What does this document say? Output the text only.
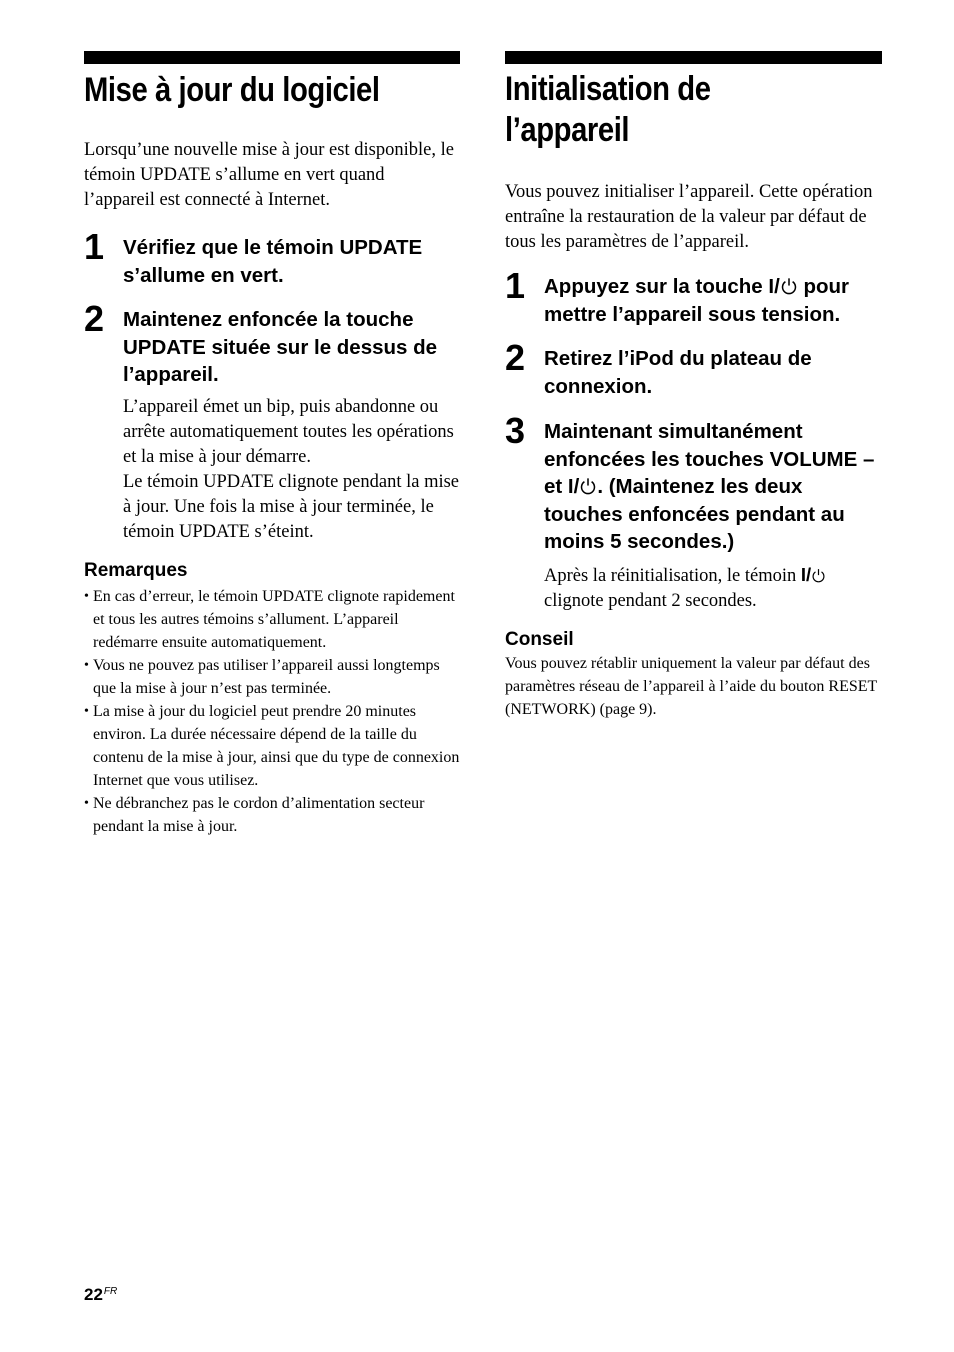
Mise à jour du logiciel

Lorsqu’une nouvelle mise à jour est disponible, le témoin UPDATE s’allume en vert quand l’appareil est connecté à Internet.

1 Vérifiez que le témoin UPDATE s’allume en vert.
2 Maintenez enfoncée la touche UPDATE située sur le dessus de l’appareil.

L’appareil émet un bip, puis abandonne ou arrête automatiquement toutes les opérations et la mise à jour démarre.

Le témoin UPDATE clignote pendant la mise à jour. Une fois la mise à jour terminée, le témoin UPDATE s’éteint.

Remarques
• En cas d’erreur, le témoin UPDATE clignote rapidement et tous les autres témoins s’allument. L’appareil redémarre ensuite automatiquement.
• Vous ne pouvez pas utiliser l’appareil aussi longtemps que la mise à jour n’est pas terminée.
• La mise à jour du logiciel peut prendre 20 minutes environ. La durée nécessaire dépend de la taille du contenu de la mise à jour, ainsi que du type de connexion Internet que vous utilisez.
• Ne débranchez pas le cordon d’alimentation secteur pendant la mise à jour.
Initialisation de
l’appareil

Vous pouvez initialiser l’appareil. Cette opération entraîne la restauration de la valeur par défaut de tous les paramètres de l’appareil.

1 Appuyez sur la touche I/ pour mettre l’appareil sous tension.
2 Retirez l’iPod du plateau de connexion.
3 Maintenant simultanément enfoncées les touches VOLUME – et I/ . (Maintenez les deux touches enfoncées pendant au moins 5 secondes.)

Après la réinitialisation, le témoin I/ clignote pendant 2 secondes.

Conseil

Vous pouvez rétablir uniquement la valeur par défaut des paramètres réseau de l’appareil à l’aide du bouton RESET (NETWORK) (page 9).

$22^{FR}$
